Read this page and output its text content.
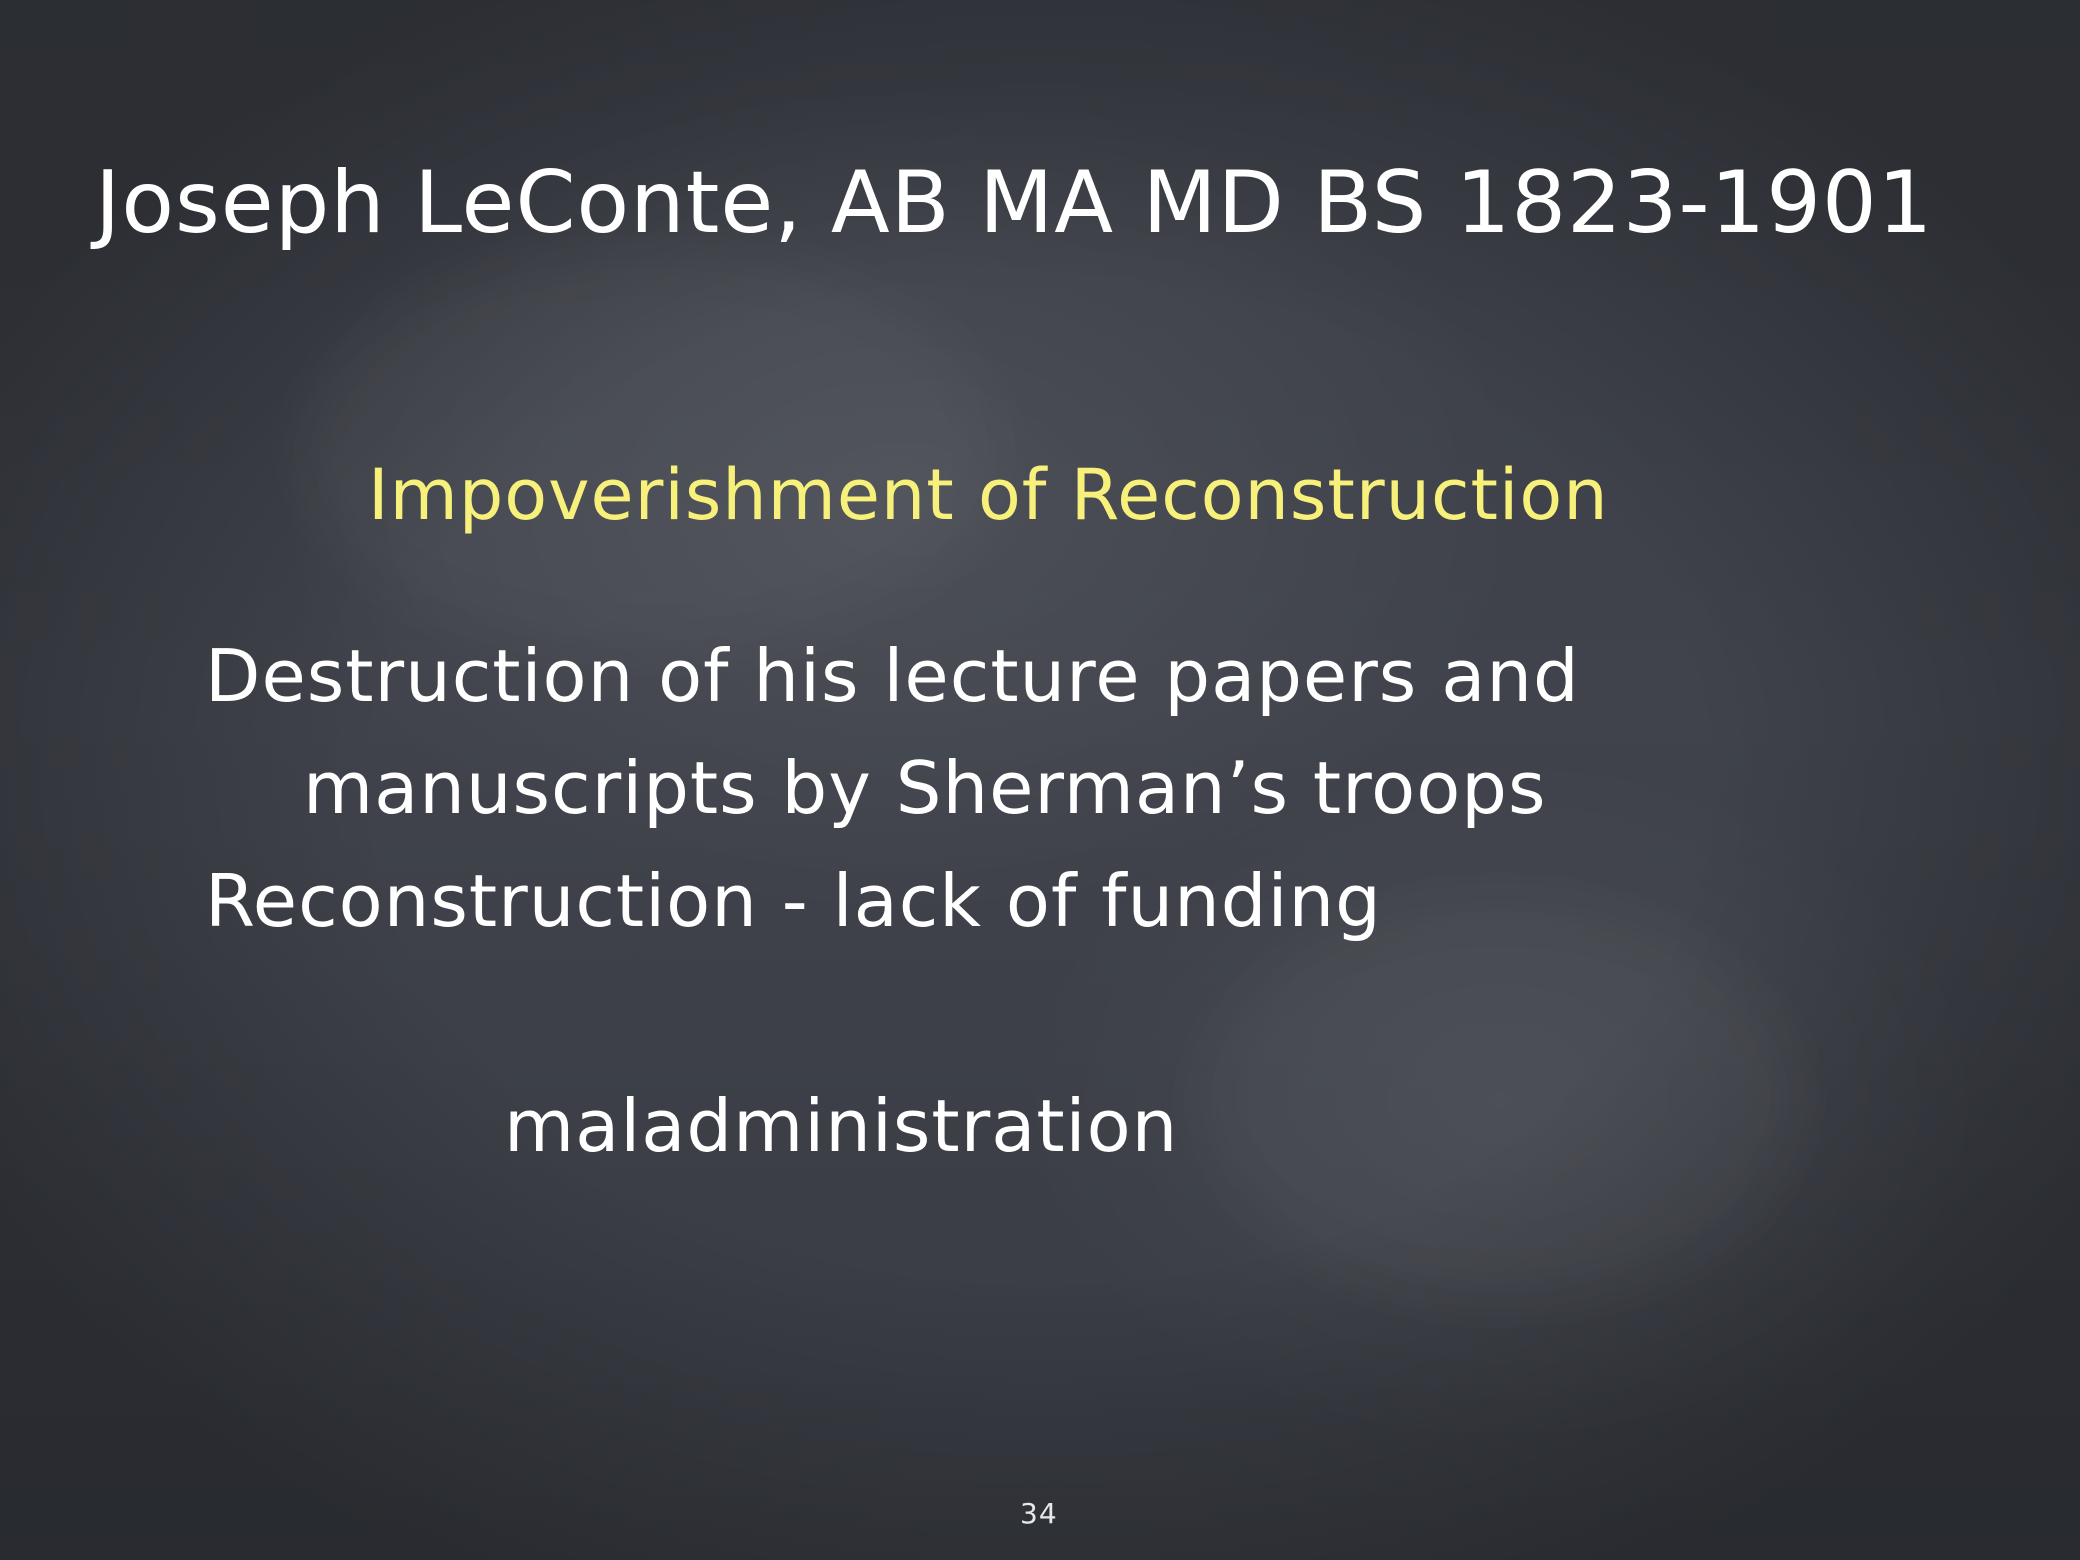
Joseph LeConte, AB MA MD BS 1823-1901
Impoverishment of Reconstruction
Destruction of his lecture papers and
manuscripts by Sherman’s troops
Reconstruction - lack of funding
maladministration
34
